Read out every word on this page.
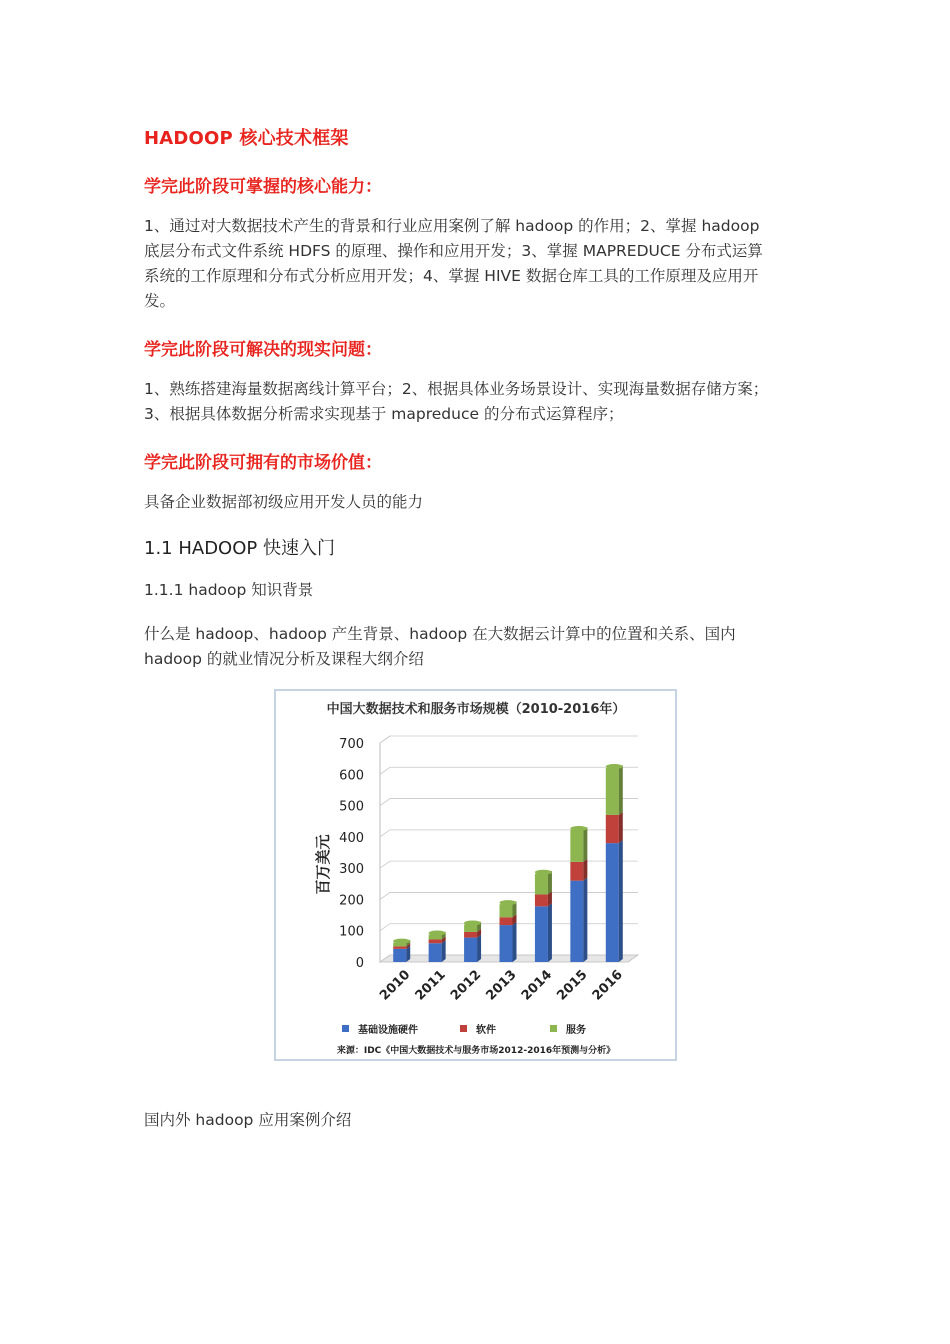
HADOOP 核心技术框架
学完此阶段可掌握的核心能力：
1、通过对大数据技术产生的背景和行业应用案例了解 hadoop 的作用；2、掌握 hadoop
底层分布式文件系统 HDFS 的原理、操作和应用开发；3、掌握 MAPREDUCE 分布式运算
系统的工作原理和分布式分析应用开发；4、掌握 HIVE 数据仓库工具的工作原理及应用开
发。
学完此阶段可解决的现实问题：
1、熟练搭建海量数据离线计算平台；2、根据具体业务场景设计、实现海量数据存储方案；
3、根据具体数据分析需求实现基于 mapreduce 的分布式运算程序；
学完此阶段可拥有的市场价值：
具备企业数据部初级应用开发人员的能力
1.1 HADOOP 快速入门
1.1.1 hadoop 知识背景
什么是 hadoop、hadoop 产生背景、hadoop 在大数据云计算中的位置和关系、国内
hadoop 的就业情况分析及课程大纲介绍
国内外 hadoop 应用案例介绍
中国大数据技术和服务市场规模（2010-2016年）
0
100
200
300
400
500
600
700
百万美元
2010 2011 2012 2013 2014 2015 2016
基础设施硬件	软件	服务
来源：IDC《中国大数据技术与服务市场2012-2016年预测与分析》
